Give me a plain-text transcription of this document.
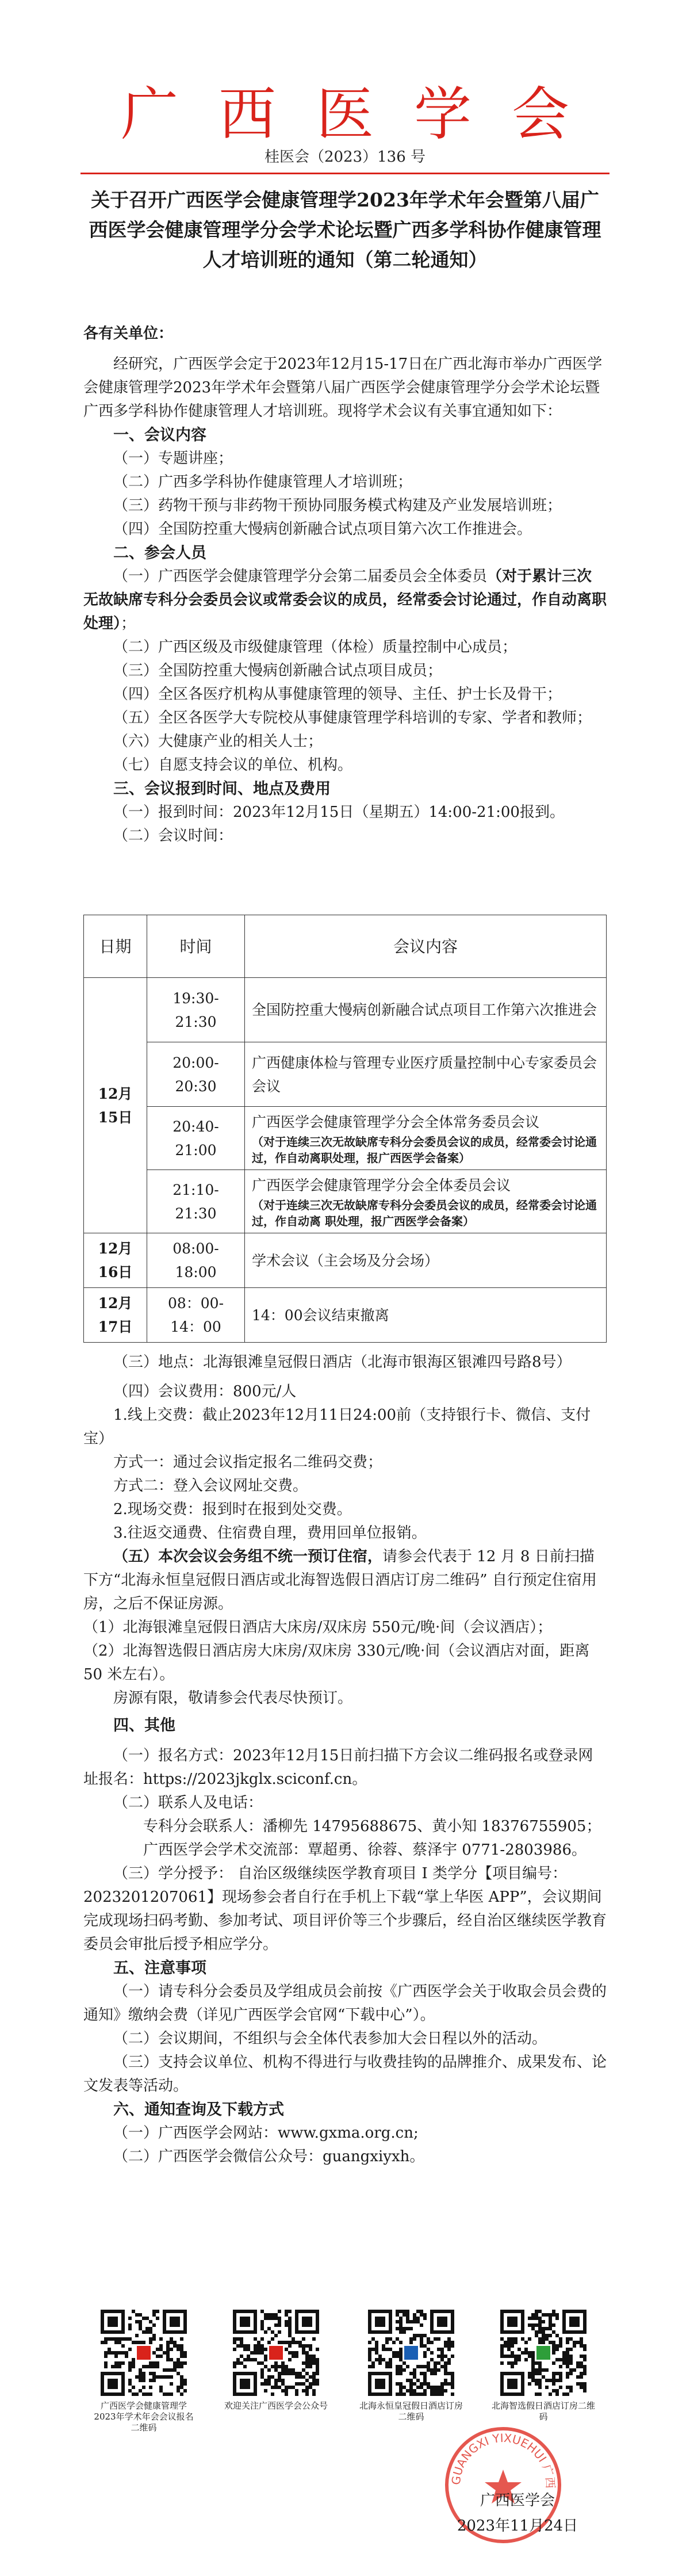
广西医学会
桂医会（2023）136 号
关于召开广西医学会健康管理学2023年学术年会暨第八届广西医学会健康管理学分会学术论坛暨广西多学科协作健康管理人才培训班的通知（第二轮通知）

各有关单位：

经研究，广西医学会定于2023年12月15-17日在广西北海市举办广西医学会健康管理学2023年学术年会暨第八届广西医学会健康管理学分会学术论坛暨广西多学科协作健康管理人才培训班。现将学术会议有关事宜通知如下：

一、会议内容

（一）专题讲座；

（二）广西多学科协作健康管理人才培训班；

（三）药物干预与非药物干预协同服务模式构建及产业发展培训班；

（四）全国防控重大慢病创新融合试点项目第六次工作推进会。

二、参会人员

（一）广西医学会健康管理学分会第二届委员会全体委员（对于累计三次无故缺席专科分会委员会议或常委会议的成员，经常委会讨论通过，作自动离职处理）；

（二）广西区级及市级健康管理（体检）质量控制中心成员；

（三）全国防控重大慢病创新融合试点项目成员；

（四）全区各医疗机构从事健康管理的领导、主任、护士长及骨干；

（五）全区各医学大专院校从事健康管理学科培训的专家、学者和教师；

（六）大健康产业的相关人士；

（七）自愿支持会议的单位、机构。

三、会议报到时间、地点及费用

（一）报到时间：2023年12月15日（星期五）14:00-21:00报到。

（二）会议时间：

日期	时间	会议内容
12月15日	19:30-21:30	全国防控重大慢病创新融合试点项目工作第六次推进会
	20:00-20:30	广西健康体检与管理专业医疗质量控制中心专家委员会会议
	20:40-21:00	广西医学会健康管理学分会全体常务委员会议
（对于连续三次无故缺席专科分会委员会议的成员，经常委会讨论通过，作自动离职处理，报广西医学会备案）

	21:10-21:30	广西医学会健康管理学分会全体委员会议
（对于连续三次无故缺席专科分会委员会议的成员，经常委会讨论通过，作自动离 职处理，报广西医学会备案）

12月16日	08:00-18:00	学术会议（主会场及分会场）
12月17日	08：00-14：00	14：00会议结束撤离

（三）地点：北海银滩皇冠假日酒店（北海市银海区银滩四号路8号）

（四）会议费用：800元/人

1.线上交费：截止2023年12月11日24:00前（支持银行卡、微信、支付宝）

方式一：通过会议指定报名二维码交费；

方式二：登入会议网址交费。

2.现场交费：报到时在报到处交费。

3.往返交通费、住宿费自理，费用回单位报销。

（五）本次会议会务组不统一预订住宿，请参会代表于 12 月 8 日前扫描下方“北海永恒皇冠假日酒店或北海智选假日酒店订房二维码” 自行预定住宿用房，之后不保证房源。

（1）北海银滩皇冠假日酒店大床房/双床房 550元/晚·间（会议酒店）；

（2）北海智选假日酒店房大床房/双床房 330元/晚·间（会议酒店对面，距离 50 米左右）。

房源有限，敬请参会代表尽快预订。

四、其他

（一）报名方式：2023年12月15日前扫描下方会议二维码报名或登录网址报名：https://2023jkglx.sciconf.cn。

（二）联系人及电话：

专科分会联系人：潘柳先 14795688675、黄小知 18376755905；

广西医学会学术交流部：覃超勇、徐蓉、蔡泽宇 0771-2803986。

（三）学分授予： 自治区级继续医学教育项目 I 类学分【项目编号：2023201207061】现场参会者自行在手机上下载“掌上华医 APP”，会议期间完成现场扫码考勤、参加考试、项目评价等三个步骤后，经自治区继续医学教育委员会审批后授予相应学分。

五、注意事项

（一）请专科分会委员及学组成员会前按《广西医学会关于收取会员会费的通知》缴纳会费（详见广西医学会官网“下载中心”）。

（二）会议期间，不组织与会全体代表参加大会日程以外的活动。

（三）支持会议单位、机构不得进行与收费挂钩的品牌推介、成果发布、论文发表等活动。

六、通知查询及下载方式

（一）广西医学会网站：www.gxma.org.cn;

（二）广西医学会微信公众号：guangxiyxh。

广西医学会健康管理学2023年学术年会会议报名二维码
欢迎关注广西医学会公众号	北海永恒皇冠假日酒店订房二维码
北海智选假日酒店订房二维码
GUANGXI YIXUEHUI 广西
广西医学会
2023年11月24日
